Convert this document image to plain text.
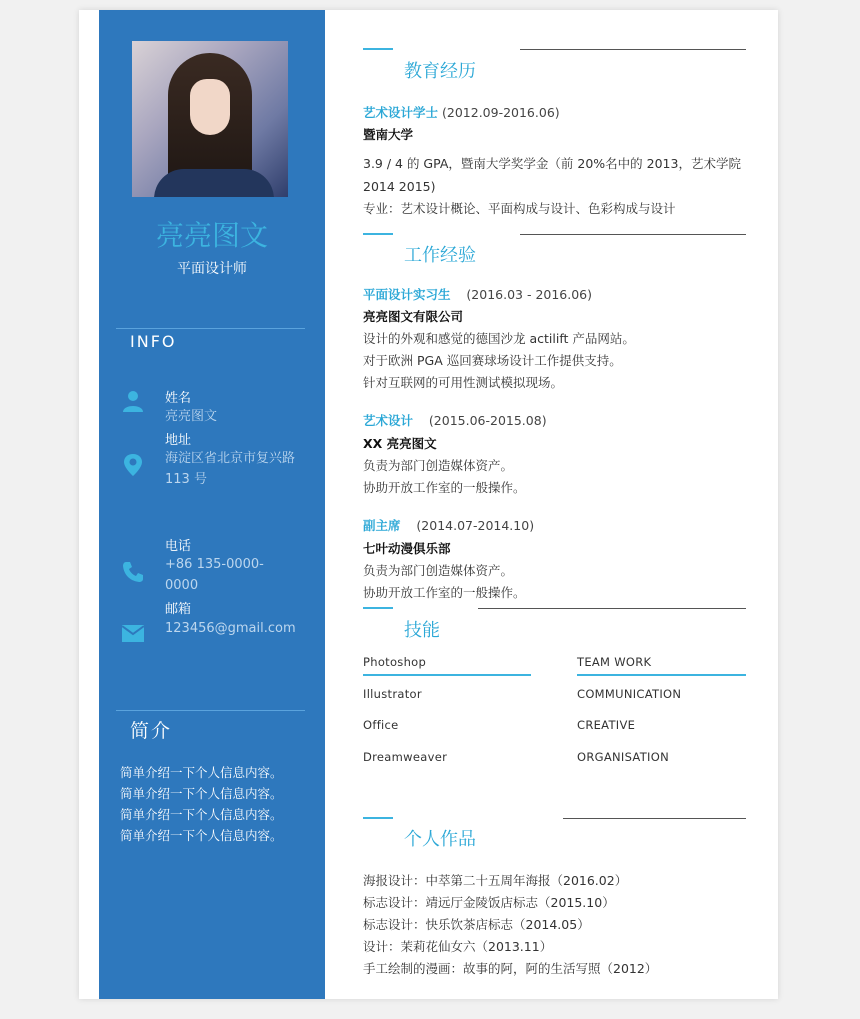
亮亮图文
平面设计师
INFO
姓名
亮亮图文
地址
海淀区省北京市复兴路
113 号
电话
+86 135-0000-0000
邮箱
123456@gmail.com
简介

简单介绍一下个人信息内容。

简单介绍一下个人信息内容。

简单介绍一下个人信息内容。

简单介绍一下个人信息内容。

教育经历
艺术设计学士 (2012.09-2016.06)
暨南大学
3.9 / 4 的 GPA，暨南大学奖学金（前 20%名中的 2013，艺术学院
2014 2015)
专业：艺术设计概论、平面构成与设计、色彩构成与设计
工作经验
平面设计实习生 (2016.03 - 2016.06)
亮亮图文有限公司
设计的外观和感觉的德国沙龙 actilift 产品网站。
对于欧洲 PGA 巡回赛球场设计工作提供支持。
针对互联网的可用性测试模拟现场。
艺术设计 (2015.06-2015.08)
XX 亮亮图文
负责为部门创造媒体资产。
协助开放工作室的一般操作。
副主席 (2014.07-2014.10)
七叶动漫俱乐部
负责为部门创造媒体资产。
协助开放工作室的一般操作。
技能
Photoshop
Illustrator
Office
Dreamweaver
TEAM WORK
COMMUNICATION
CREATIVE
ORGANISATION
个人作品
海报设计：中萃第二十五周年海报（2016.02）
标志设计：靖远厅金陵饭店标志（2015.10）
标志设计：快乐饮茶店标志（2014.05）
设计：茉莉花仙女六（2013.11）
手工绘制的漫画：故事的阿，阿的生活写照（2012）
